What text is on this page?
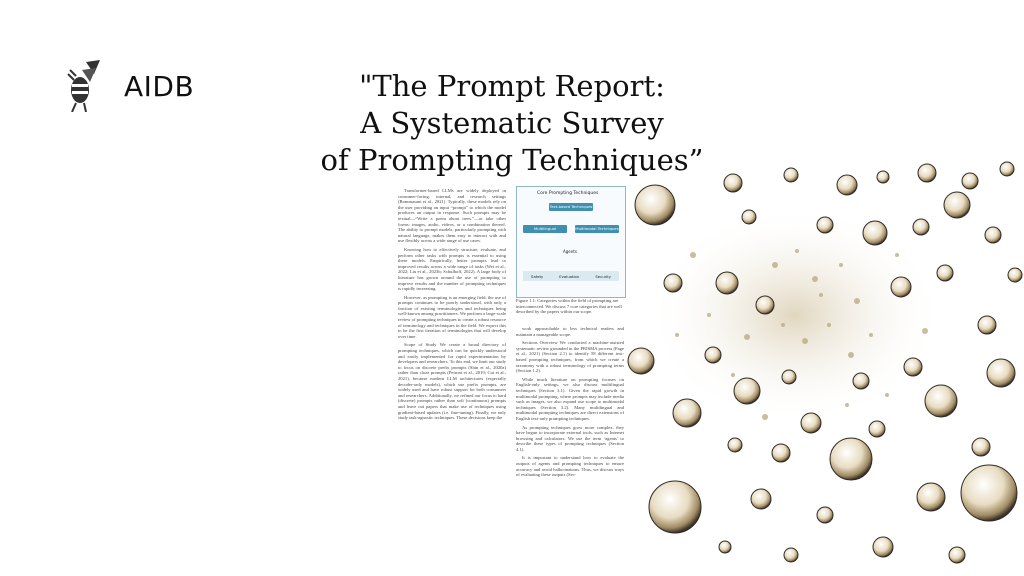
AIDB	"The Prompt Report:
A Systematic Survey
of Prompting Techniques”

Transformer-based LLMs are widely deployed in consumer-facing, internal, and research settings (Bommasani et al., 2021). Typically, these models rely on the user providing an input “prompt” to which the model produces an output in response. Such prompts may be textual—“Write a poem about trees.”—or take other forms: images, audio, videos, or a combination thereof. The ability to prompt models, particularly prompting with natural language, makes them easy to interact with and use flexibly across a wide range of use cases.

Knowing how to effectively structure, evaluate, and perform other tasks with prompts is essential to using these models. Empirically, better prompts lead to improved results across a wide range of tasks (Wei et al., 2022; Liu et al., 2023b; Schulhoff, 2022). A large body of literature has grown around the use of prompting to improve results and the number of prompting techniques is rapidly increasing.

However, as prompting is an emerging field, the use of prompts continues to be poorly understood, with only a fraction of existing terminologies and techniques being well-known among practitioners. We perform a large-scale review of prompting techniques to create a robust resource of terminology and techniques in the field. We expect this to be the first iteration of terminologies that will develop over time.

Scope of Study We create a broad directory of prompting techniques, which can be quickly understood and easily implemented for rapid experimentation by developers and researchers. To this end, we limit our study to focus on discrete prefix prompts (Shin et al., 2020a) rather than cloze prompts (Petroni et al., 2019; Cui et al., 2021), because modern LLM architectures (especially decoder-only models), which use prefix prompts, are widely used and have robust support for both consumers and researchers. Additionally, we refined our focus to hard (discrete) prompts rather than soft (continuous) prompts and leave out papers that make use of techniques using gradient-based updates (i.e. fine-tuning). Finally, we only study task-agnostic techniques. These decisions keep the

Core Prompting Techniques
Text-based Techniques
Multilingual Techniques
Multimodal Techniques
Agents
Safety	Evaluation	Security
Figure 1.1: Categories within the field of prompting are interconnected. We discuss 7 core categories that are well described by the papers within our scope.

work approachable to less technical readers and maintain a manageable scope.

Sections Overview We conducted a machine-assisted systematic review grounded in the PRISMA process (Page et al., 2021) (Section 2.1) to identify 58 different text-based prompting techniques, from which we create a taxonomy with a robust terminology of prompting terms (Section 1.2).

While much literature on prompting focuses on English-only settings, we also discuss multilingual techniques (Section 3.1). Given the rapid growth in multimodal prompting, where prompts may include media such as images, we also expand our scope to multimodal techniques (Section 3.2). Many multilingual and multimodal prompting techniques are direct extensions of English text-only prompting techniques.

As prompting techniques grow more complex, they have begun to incorporate external tools, such as Internet browsing and calculators. We use the term ‘agents’ to describe these types of prompting techniques (Section 4.1).

It is important to understand how to evaluate the outputs of agents and prompting techniques to ensure accuracy and avoid hallucinations. Thus, we discuss ways of evaluating these outputs (Sec-
